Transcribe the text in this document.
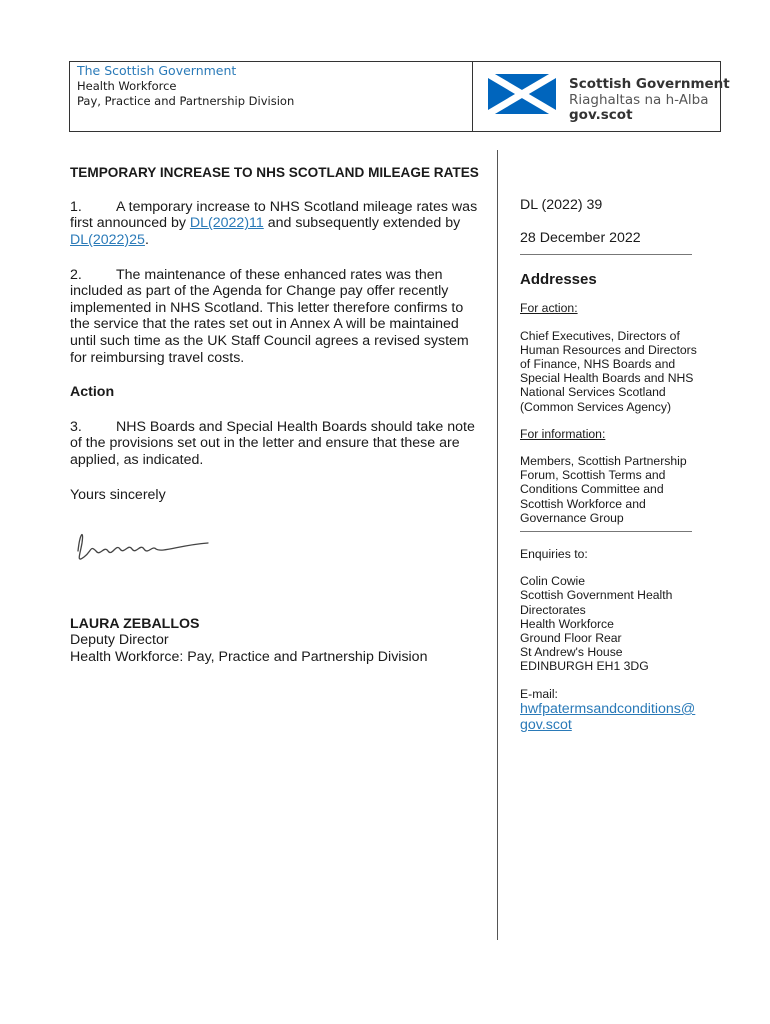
The Scottish Government
Health Workforce
Pay, Practice and Partnership Division
Scottish Government
Riaghaltas na h-Alba
gov.scot

TEMPORARY INCREASE TO NHS SCOTLAND MILEAGE RATES

1. A temporary increase to NHS Scotland mileage rates was first announced by DL(2022)11 and subsequently extended by DL(2022)25.

2. The maintenance of these enhanced rates was then included as part of the Agenda for Change pay offer recently implemented in NHS Scotland. This letter therefore confirms to the service that the rates set out in Annex A will be maintained until such time as the UK Staff Council agrees a revised system for reimbursing travel costs.

Action

3. NHS Boards and Special Health Boards should take note of the provisions set out in the letter and ensure that these are applied, as indicated.

Yours sincerely

LAURA ZEBALLOS

Deputy Director

Health Workforce: Pay, Practice and Partnership Division

DL (2022) 39

28 December 2022

Addresses

For action:

Chief Executives, Directors of Human Resources and Directors of Finance, NHS Boards and Special Health Boards and NHS National Services Scotland (Common Services Agency)

For information:

Members, Scottish Partnership Forum, Scottish Terms and Conditions Committee and Scottish Workforce and Governance Group

Enquiries to:

Colin Cowie

Scottish Government Health Directorates

Health Workforce

Ground Floor Rear

St Andrew's House

EDINBURGH EH1 3DG

E-mail:

hwfpatermsandconditions@gov.scot
